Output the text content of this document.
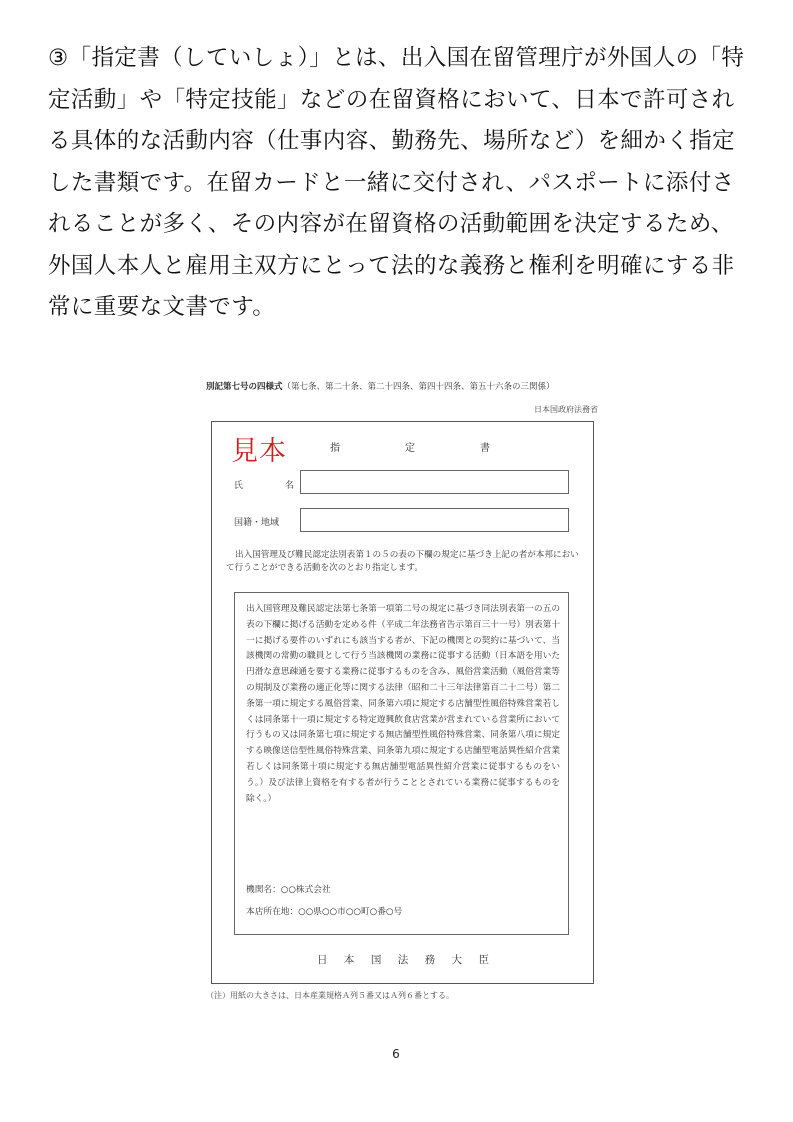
③「指定書（していしょ）」とは、出入国在留管理庁が外国人の「特定活動」や「特定技能」などの在留資格において、日本で許可される具体的な活動内容（仕事内容、勤務先、場所など）を細かく指定した書類です。在留カードと一緒に交付され、パスポートに添付されることが多く、その内容が在留資格の活動範囲を決定するため、外国人本人と雇用主双方にとって法的な義務と権利を明確にする非常に重要な文書です。

別記第七号の四様式（第七条、第二十条、第二十四条、第四十四条、第五十六条の三関係）
日本国政府法務省
見本	指	定	書
氏	名
国籍・地域

出入国管理及び難民認定法別表第１の５の表の下欄の規定に基づき上記の者が本邦において行うことができる活動を次のとおり指定します。

出入国管理及難民認定法第七条第一項第二号の規定に基づき同法別表第一の五の表の下欄に掲げる活動を定める件（平成二年法務省告示第百三十一号）別表第十一に掲げる要件のいずれにも該当する者が、下記の機関との契約に基づいて、当該機関の常勤の職員として行う当該機関の業務に従事する活動（日本語を用いた円滑な意思疎通を要する業務に従事するものを含み、風俗営業活動（風俗営業等の規制及び業務の適正化等に関する法律（昭和二十三年法律第百二十二号）第二条第一項に規定する風俗営業、同条第六項に規定する店舗型性風俗特殊営業若しくは同条第十一項に規定する特定遊興飲食店営業が営まれている営業所において行うもの又は同条第七項に規定する無店舗型性風俗特殊営業、同条第八項に規定する映像送信型性風俗特殊営業、同条第九項に規定する店舗型電話異性紹介営業若しくは同条第十項に規定する無店舗型電話異性紹介営業に従事するものをいう。）及び法律上資格を有する者が行うこととされている業務に従事するものを除く。）

機関名：○○株式会社
本店所在地：○○県○○市○○町○番○号
日 本 国 法 務 大 臣
（注）用紙の大きさは、日本産業規格Ａ列５番又はＡ列６番とする。
6
